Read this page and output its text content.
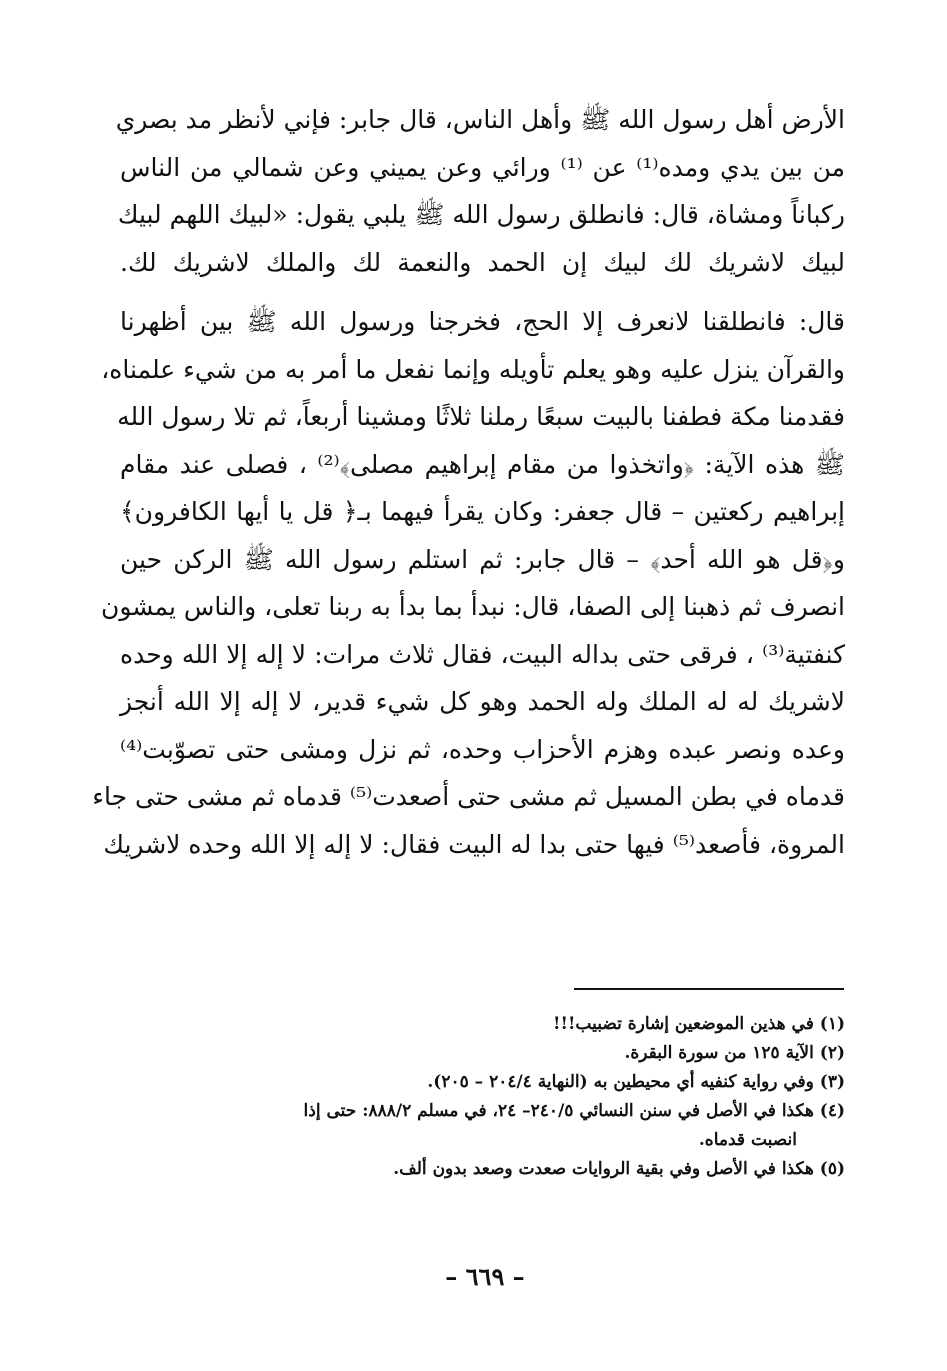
الأرض أهل رسول الله ﷺ وأهل الناس، قال جابر: فإني لأنظر مد بصري
من بين يدي ومده⁽¹⁾ عن ⁽¹⁾ ورائي وعن يميني وعن شمالي من الناس
ركباناً ومشاة، قال: فانطلق رسول الله ﷺ يلبي يقول: «لبيك اللهم لبيك
لبيك لاشريك لك لبيك إن الحمد والنعمة لك والملك لاشريك لك.
قال: فانطلقنا لانعرف إلا الحج، فخرجنا ورسول الله ﷺ بين أظهرنا
والقرآن ينزل عليه وهو يعلم تأويله وإنما نفعل ما أمر به من شيء علمناه،
فقدمنا مكة فطفنا بالبيت سبعًا رملنا ثلاثًا ومشينا أربعاً، ثم تلا رسول الله
ﷺ هذه الآية: ﴿واتخذوا من مقام إبراهيم مصلى﴾⁽²⁾ ، فصلى عند مقام
إبراهيم ركعتين – قال جعفر: وكان يقرأ فيهما بـ﴿ قل يا أيها الكافرون﴾
و﴿قل هو الله أحد﴾ – قال جابر: ثم استلم رسول الله ﷺ الركن حين
انصرف ثم ذهبنا إلى الصفا، قال: نبدأ بما بدأ به ربنا تعلى، والناس يمشون
كنفتية⁽³⁾ ، فرقى حتى بداله البيت، فقال ثلاث مرات: لا إله إلا الله وحده
لاشريك له له الملك وله الحمد وهو كل شيء قدير، لا إله إلا الله أنجز
وعده ونصر عبده وهزم الأحزاب وحده، ثم نزل ومشى حتى تصوّبت⁽⁴⁾
قدماه في بطن المسيل ثم مشى حتى أصعدت⁽⁵⁾ قدماه ثم مشى حتى جاء
المروة، فأصعد⁽⁵⁾ فيها حتى بدا له البيت فقال: لا إله إلا الله وحده لاشريك
(١) في هذين الموضعين إشارة تضبيب!!!
(٢) الآية ١٢٥ من سورة البقرة.
(٣) وفي رواية كنفيه أي محيطين به (النهاية ٢٠٤/٤ – ٢٠٥).
(٤) هكذا في الأصل في سنن النسائي ٢٤٠/٥– ٢٤، في مسلم ٨٨٨/٢: حتى إذا
انصبت قدماه.
(٥) هكذا في الأصل وفي بقية الروايات صعدت وصعد بدون ألف.
– ٦٦٩ –
